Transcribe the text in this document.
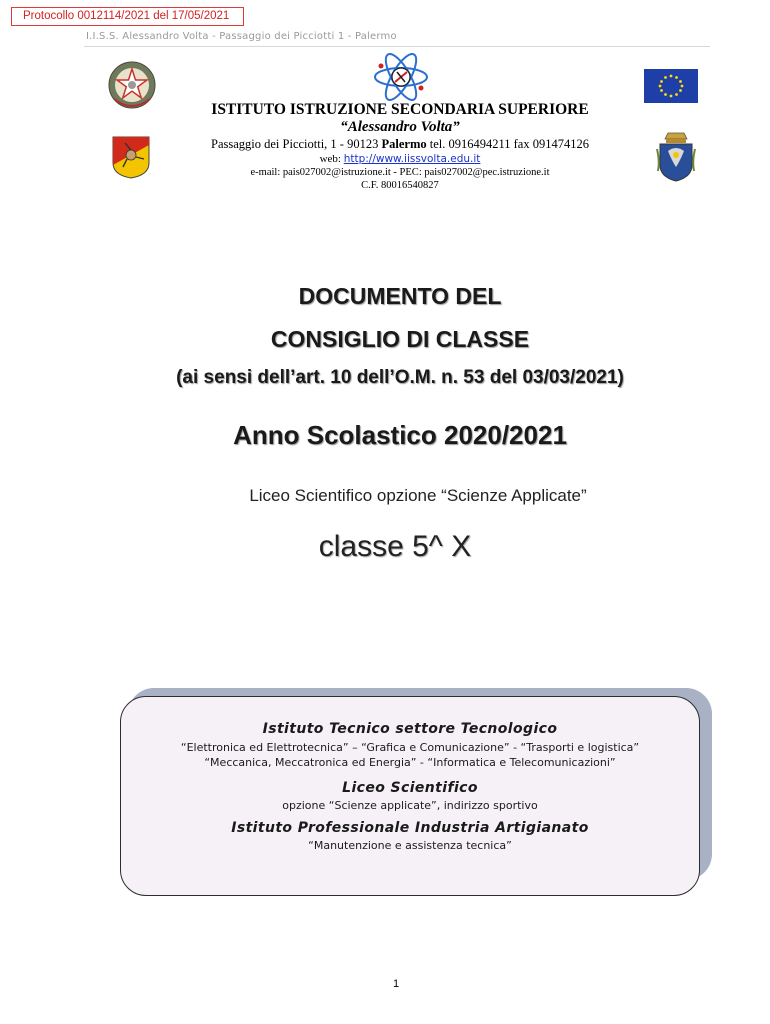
Protocollo 0012114/2021 del 17/05/2021
I.I.S.S. Alessandro Volta - Passaggio dei Picciotti 1 - Palermo
ISTITUTO ISTRUZIONE SECONDARIA SUPERIORE
“Alessandro Volta”
Passaggio dei Picciotti, 1 - 90123 Palermo tel. 0916494211 fax 091474126
web: http://www.iissvolta.edu.it
e-mail: pais027002@istruzione.it - PEC: pais027002@pec.istruzione.it
C.F. 80016540827
DOCUMENTO DEL
CONSIGLIO DI CLASSE
(ai sensi dell’art. 10 dell’O.M. n. 53 del 03/03/2021)
Anno Scolastico 2020/2021
Liceo Scientifico opzione “Scienze Applicate”
classe 5^ X
Istituto Tecnico settore Tecnologico
“Elettronica ed Elettrotecnica” – “Grafica e Comunicazione” - “Trasporti e logistica”
“Meccanica, Meccatronica ed Energia” - “Informatica e Telecomunicazioni”
Liceo Scientifico
opzione “Scienze applicate”, indirizzo sportivo
Istituto Professionale Industria Artigianato
“Manutenzione e assistenza tecnica”
1
